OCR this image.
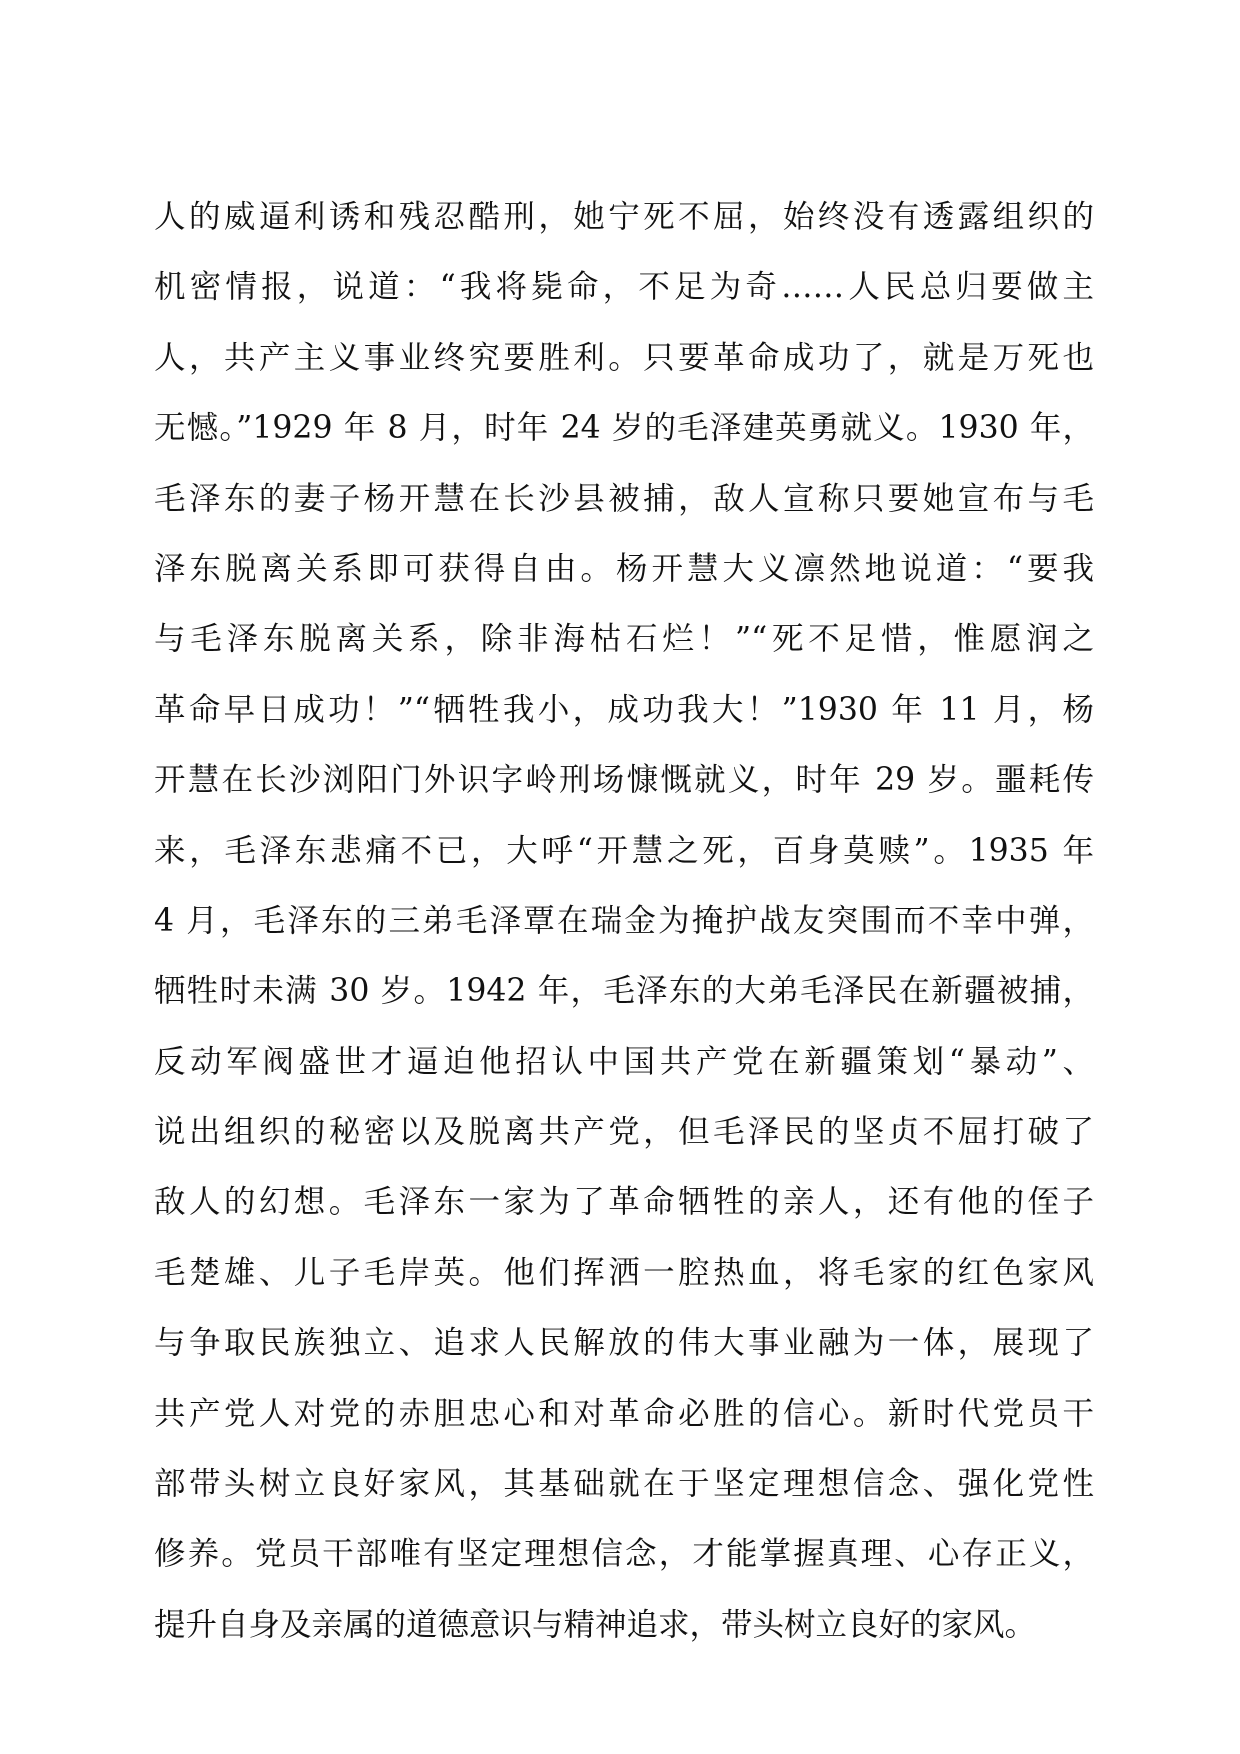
人的威逼利诱和残忍酷刑，她宁死不屈，始终没有透露组织的
机密情报，说道：“我将毙命，不足为奇……人民总归要做主
人，共产主义事业终究要胜利。只要革命成功了，就是万死也
无憾。”1929 年 8 月，时年 24 岁的毛泽建英勇就义。1930 年，
毛泽东的妻子杨开慧在长沙县被捕，敌人宣称只要她宣布与毛
泽东脱离关系即可获得自由。杨开慧大义凛然地说道：“要我
与毛泽东脱离关系，除非海枯石烂！”“死不足惜，惟愿润之
革命早日成功！”“牺牲我小，成功我大！”1930 年 11 月，杨
开慧在长沙浏阳门外识字岭刑场慷慨就义，时年 29 岁。噩耗传
来，毛泽东悲痛不已，大呼“开慧之死，百身莫赎”。1935 年
4 月，毛泽东的三弟毛泽覃在瑞金为掩护战友突围而不幸中弹，
牺牲时未满 30 岁。1942 年，毛泽东的大弟毛泽民在新疆被捕，
反动军阀盛世才逼迫他招认中国共产党在新疆策划“暴动”、
说出组织的秘密以及脱离共产党，但毛泽民的坚贞不屈打破了
敌人的幻想。毛泽东一家为了革命牺牲的亲人，还有他的侄子
毛楚雄、儿子毛岸英。他们挥洒一腔热血，将毛家的红色家风
与争取民族独立、追求人民解放的伟大事业融为一体，展现了
共产党人对党的赤胆忠心和对革命必胜的信心。新时代党员干
部带头树立良好家风，其基础就在于坚定理想信念、强化党性
修养。党员干部唯有坚定理想信念，才能掌握真理、心存正义，
提升自身及亲属的道德意识与精神追求，带头树立良好的家风。
